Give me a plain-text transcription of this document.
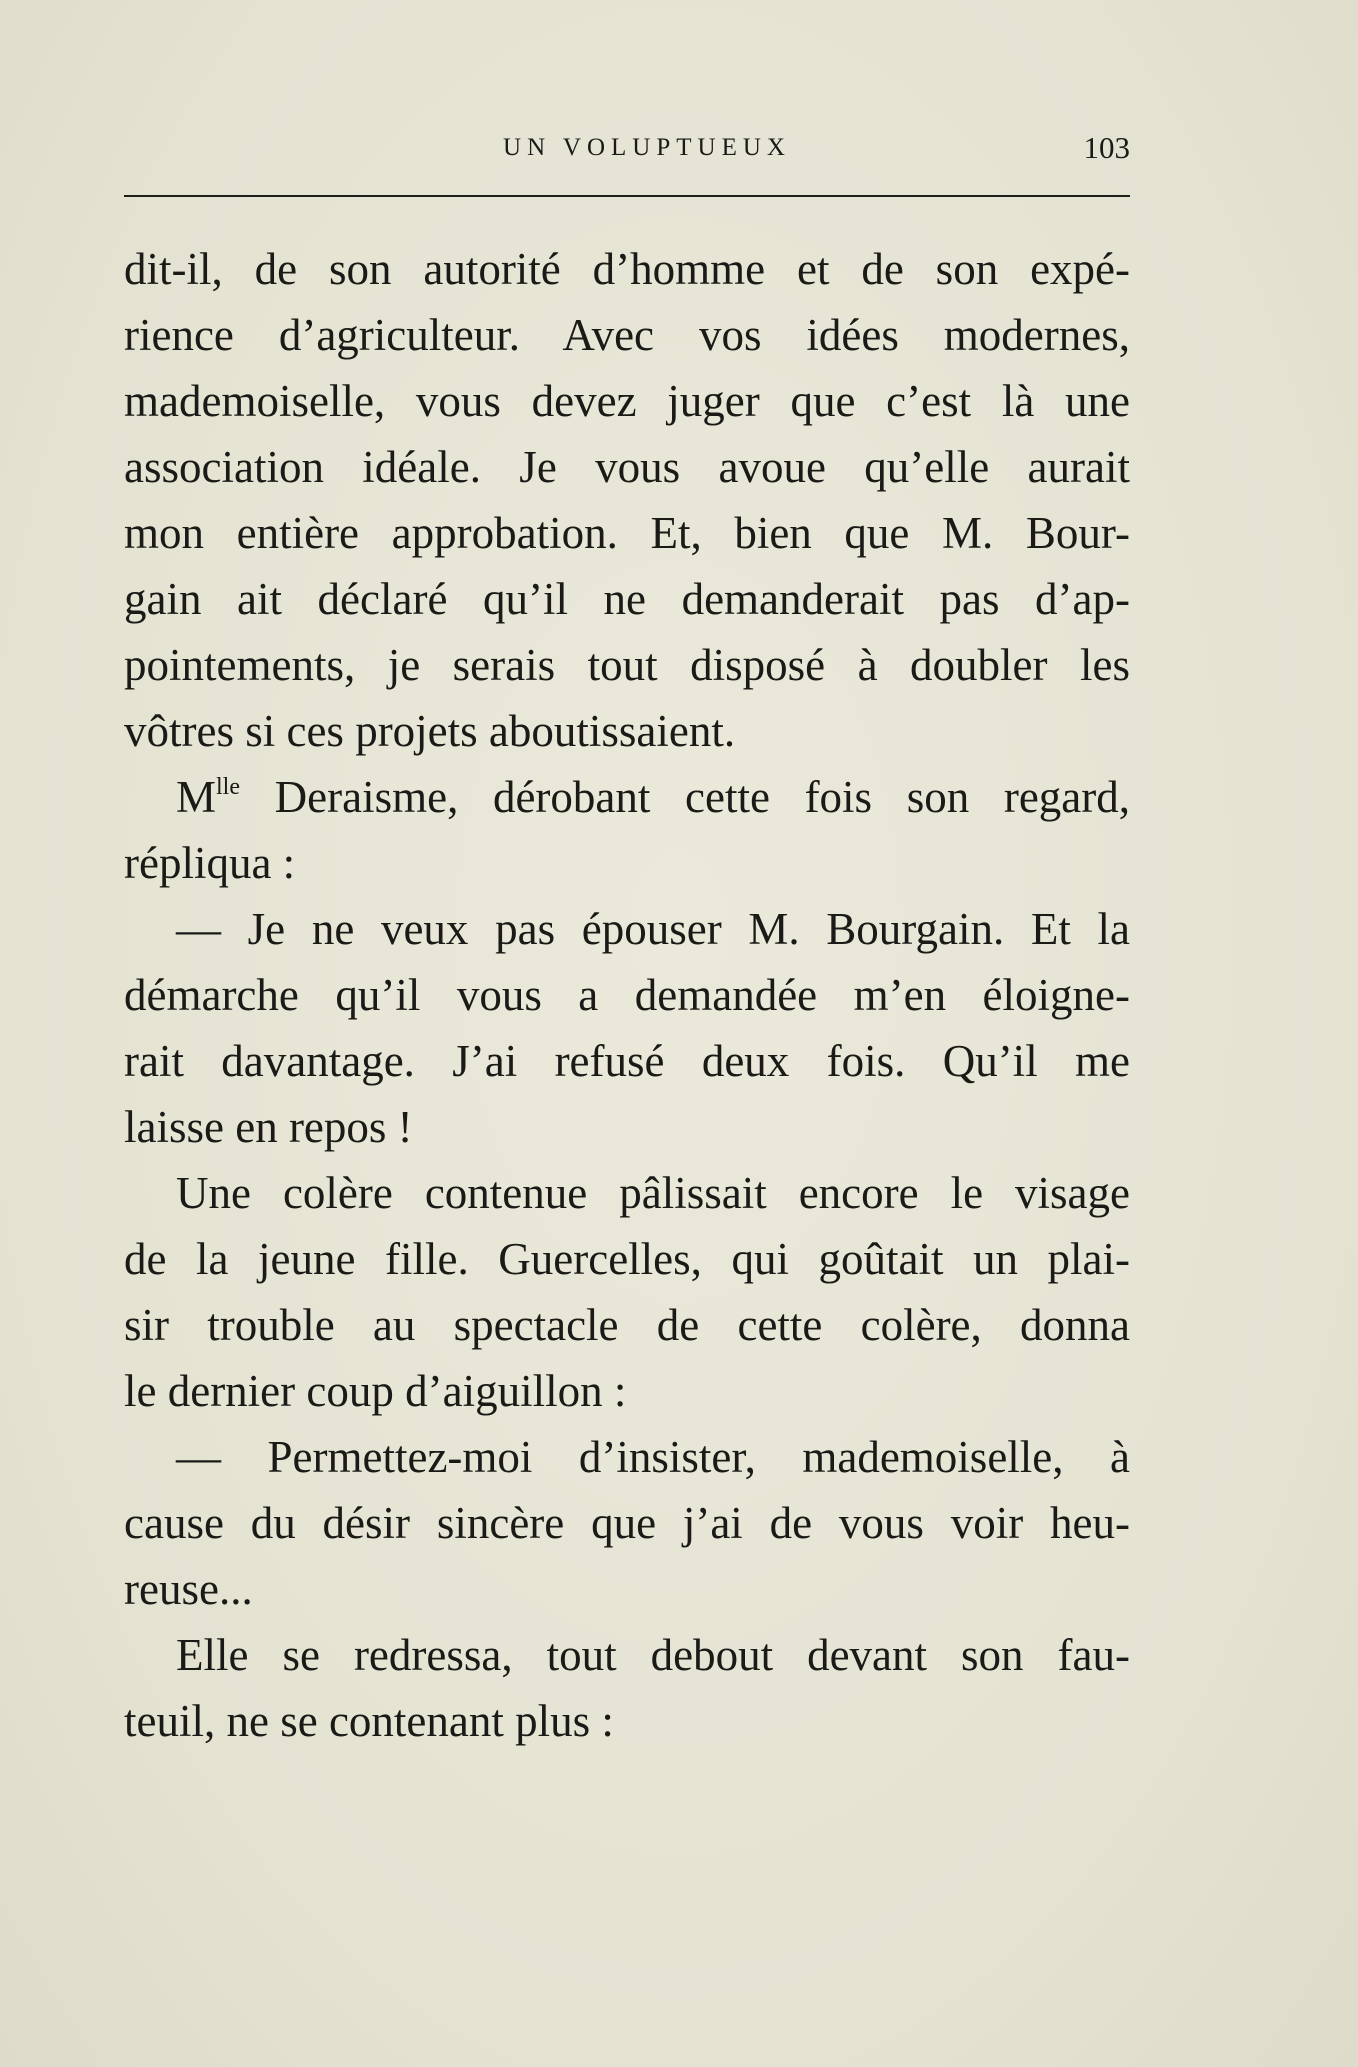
UN VOLUPTUEUX	103
dit-il, de son autorité d’homme et de son expé-
rience d’agriculteur. Avec vos idées modernes,
mademoiselle, vous devez juger que c’est là une
association idéale. Je vous avoue qu’elle aurait
mon entière approbation. Et, bien que M. Bour-
gain ait déclaré qu’il ne demanderait pas d’ap-
pointements, je serais tout disposé à doubler les
vôtres si ces projets aboutissaient.
$M^{lle}$ Deraisme, dérobant cette fois son regard,
répliqua :
— Je ne veux pas épouser M. Bourgain. Et la
démarche qu’il vous a demandée m’en éloigne-
rait davantage. J’ai refusé deux fois. Qu’il me
laisse en repos !
Une colère contenue pâlissait encore le visage
de la jeune fille. Guercelles, qui goûtait un plai-
sir trouble au spectacle de cette colère, donna
le dernier coup d’aiguillon :
— Permettez-moi d’insister, mademoiselle, à
cause du désir sincère que j’ai de vous voir heu-
reuse...
Elle se redressa, tout debout devant son fau-
teuil, ne se contenant plus :
